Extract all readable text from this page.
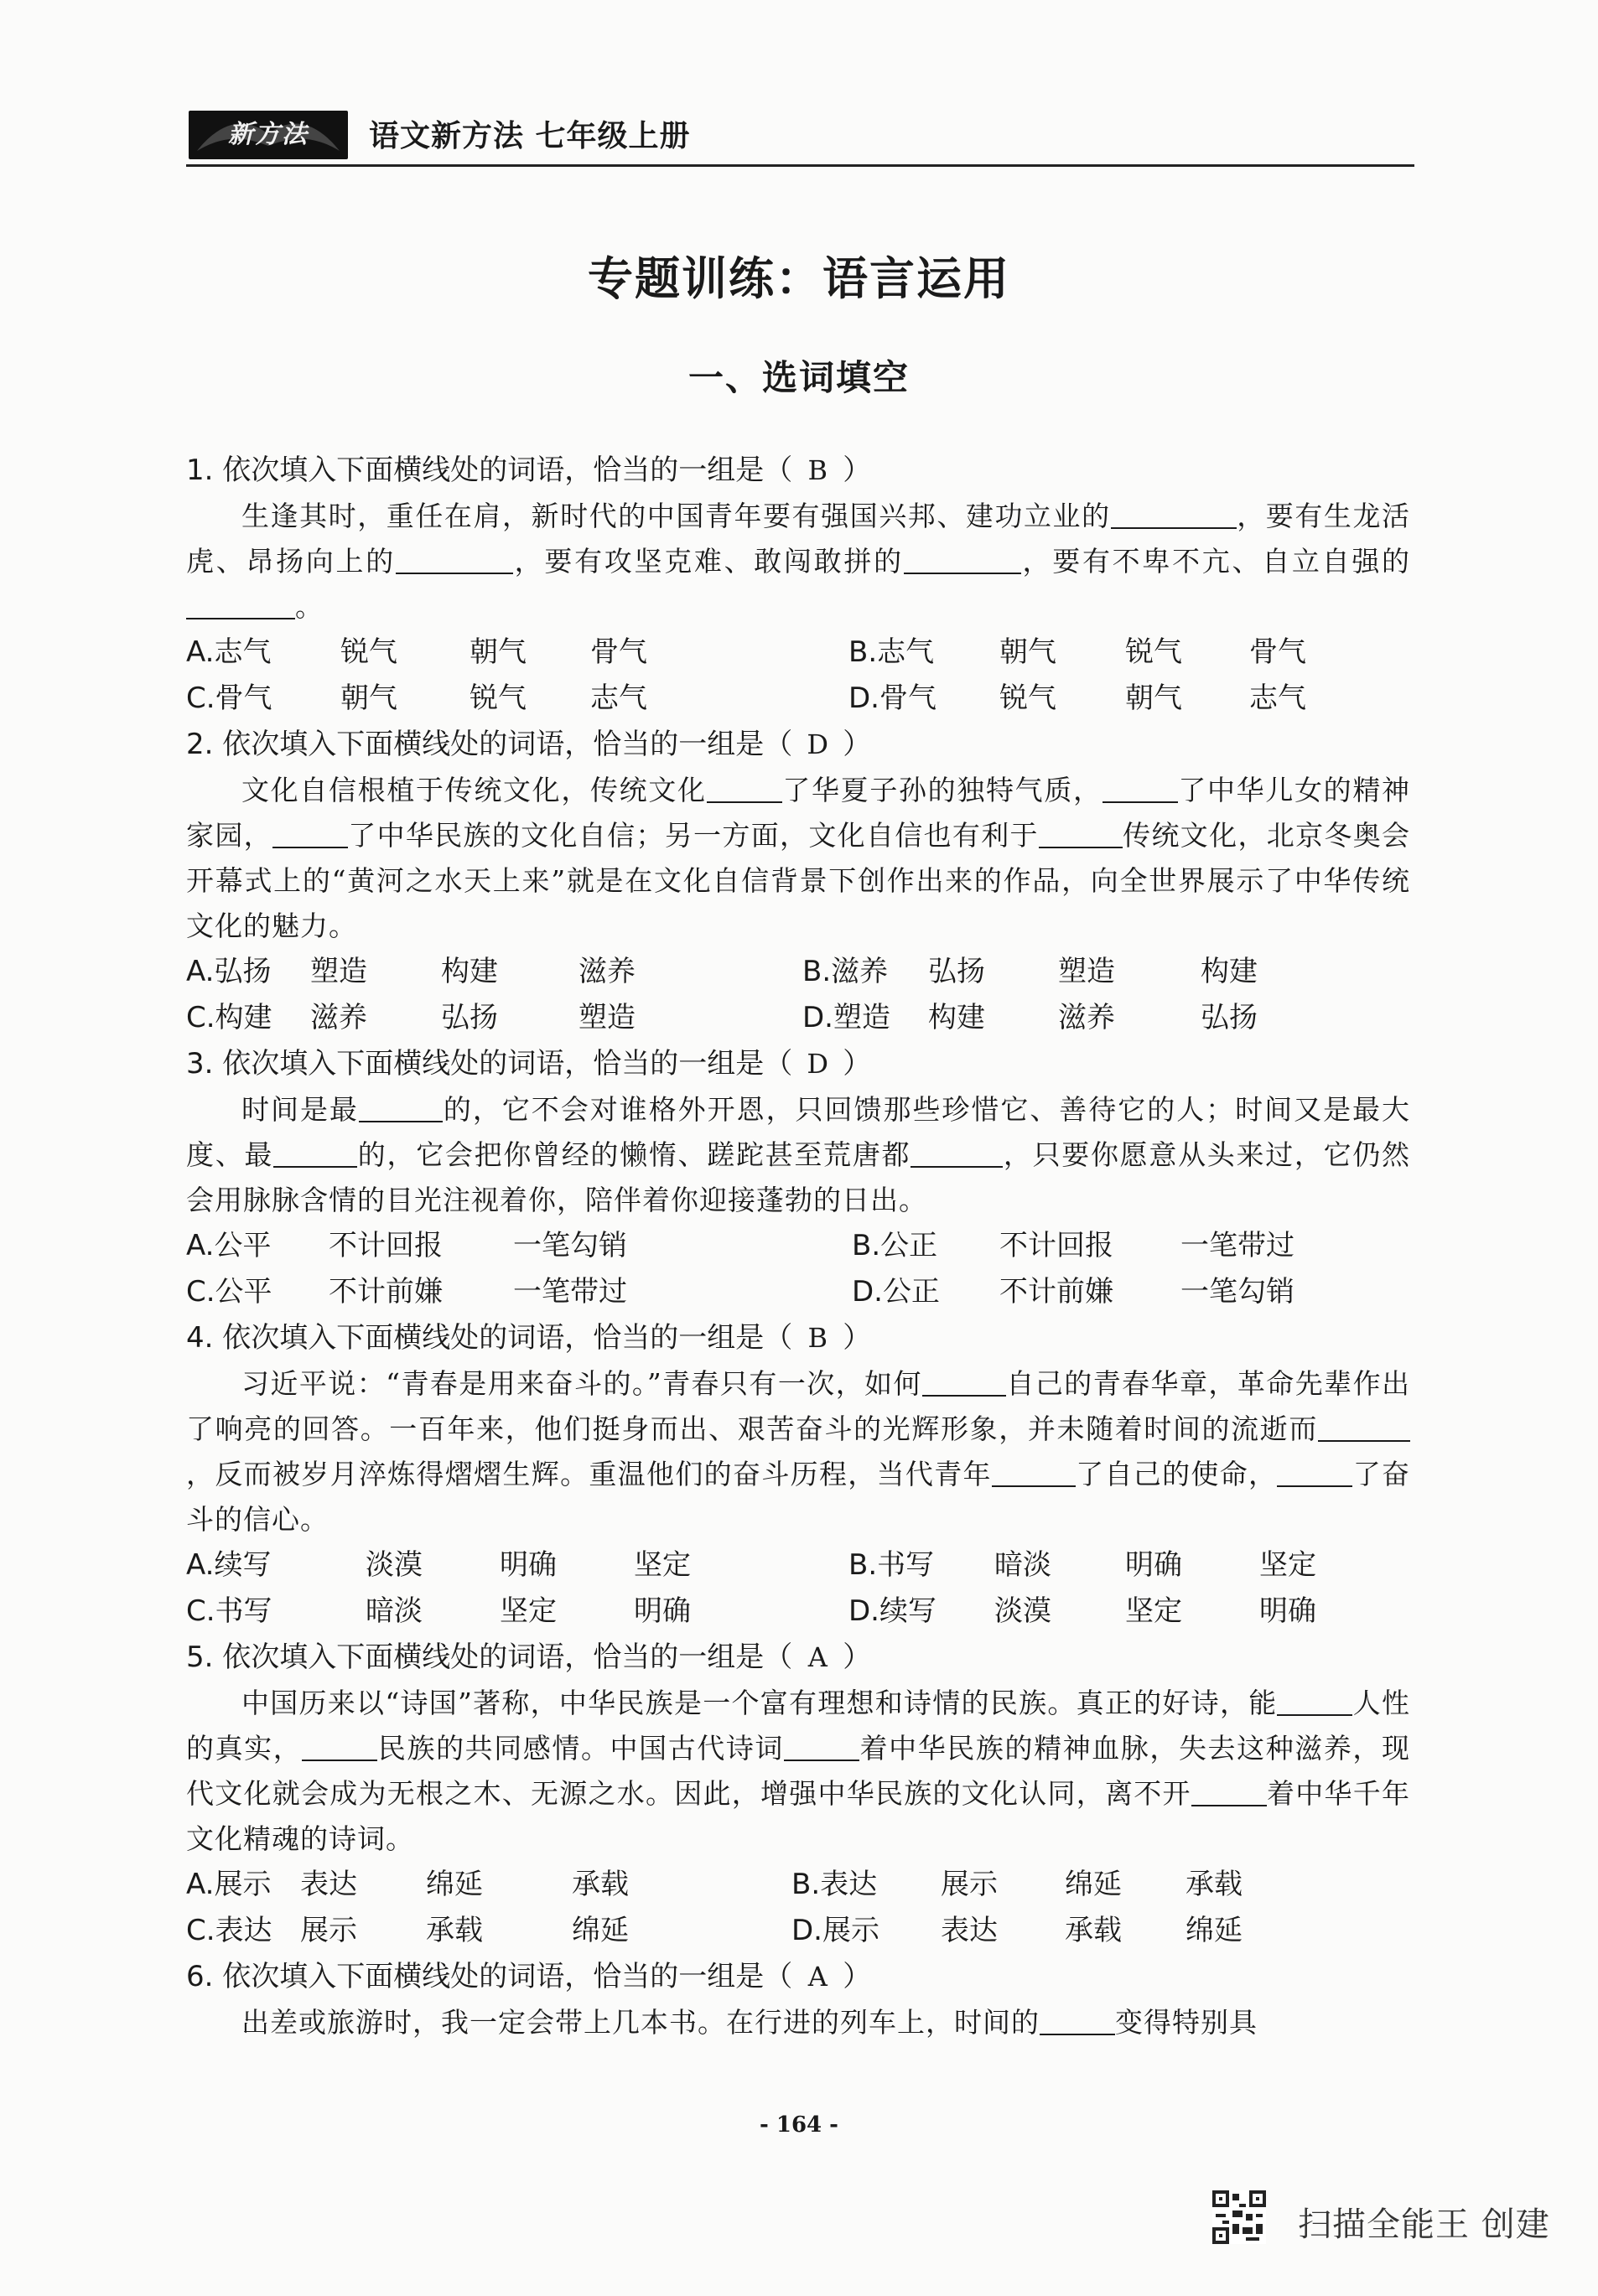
新方法	语文新方法 七年级上册
专题训练：语言运用
一、选词填空
1. 依次填入下面横线处的词语，恰当的一组是（ B ）

生逢其时，重任在肩，新时代的中国青年要有强国兴邦、建功立业的	，要有生龙活虎、昂扬向上的	，要有攻坚克难、敢闯敢拼的	，要有不卑不亢、自立自强的。

A.志气 锐气	朝气 骨气	B.志气 朝气 锐气 骨气
C.骨气 朝气	锐气 志气	D.骨气 锐气 朝气 志气
2. 依次填入下面横线处的词语，恰当的一组是（ D ）

文化自信根植于传统文化，传统文化	了华夏子孙的独特气质，	了中华儿女的精神家园，	了中华民族的文化自信；另一方面，文化自信也有利于	传统文化，北京冬奥会开幕式上的“黄河之水天上来”就是在文化自信背景下创作出来的作品，向全世界展示了中华传统文化的魅力。

A.弘扬 塑造	构建	滋养	B.滋养 弘扬	塑造	构建
C.构建 滋养	弘扬	塑造	D.塑造 构建	滋养	弘扬
3. 依次填入下面横线处的词语，恰当的一组是（ D ）

时间是最	的，它不会对谁格外开恩，只回馈那些珍惜它、善待它的人；时间又是最大度、最	的，它会把你曾经的懒惰、蹉跎甚至荒唐都	，只要你愿意从头来过，它仍然会用脉脉含情的目光注视着你，陪伴着你迎接蓬勃的日出。

A.公平 不计回报 一笔勾销	B.公正 不计回报 一笔带过
C.公平 不计前嫌 一笔带过	D.公正 不计前嫌 一笔勾销
4. 依次填入下面横线处的词语，恰当的一组是（ B ）

习近平说：“青春是用来奋斗的。”青春只有一次，如何	自己的青春华章，革命先辈作出了响亮的回答。一百年来，他们挺身而出、艰苦奋斗的光辉形象，并未随着时间的流逝而，反而被岁月淬炼得熠熠生辉。重温他们的奋斗历程，当代青年	了自己的使命，	了奋斗的信心。

A.续写	淡漠	明确	坚定	B.书写 暗淡	明确	坚定
C.书写	暗淡	坚定	明确	D.续写 淡漠	坚定	明确
5. 依次填入下面横线处的词语，恰当的一组是（ A ）

中国历来以“诗国”著称，中华民族是一个富有理想和诗情的民族。真正的好诗，能	人性的真实，	民族的共同感情。中国古代诗词	着中华民族的精神血脉，失去这种滋养，现代文化就会成为无根之木、无源之水。因此，增强中华民族的文化认同，离不开	着中华千年文化精魂的诗词。

A.展示 表达 绵延	承载	B.表达 展示 绵延 承载
C.表达 展示 承载	绵延	D.展示 表达 承载 绵延
6. 依次填入下面横线处的词语，恰当的一组是（ A ）

出差或旅游时，我一定会带上几本书。在行进的列车上，时间的	变得特别具

- 164 -
扫描全能王 创建
